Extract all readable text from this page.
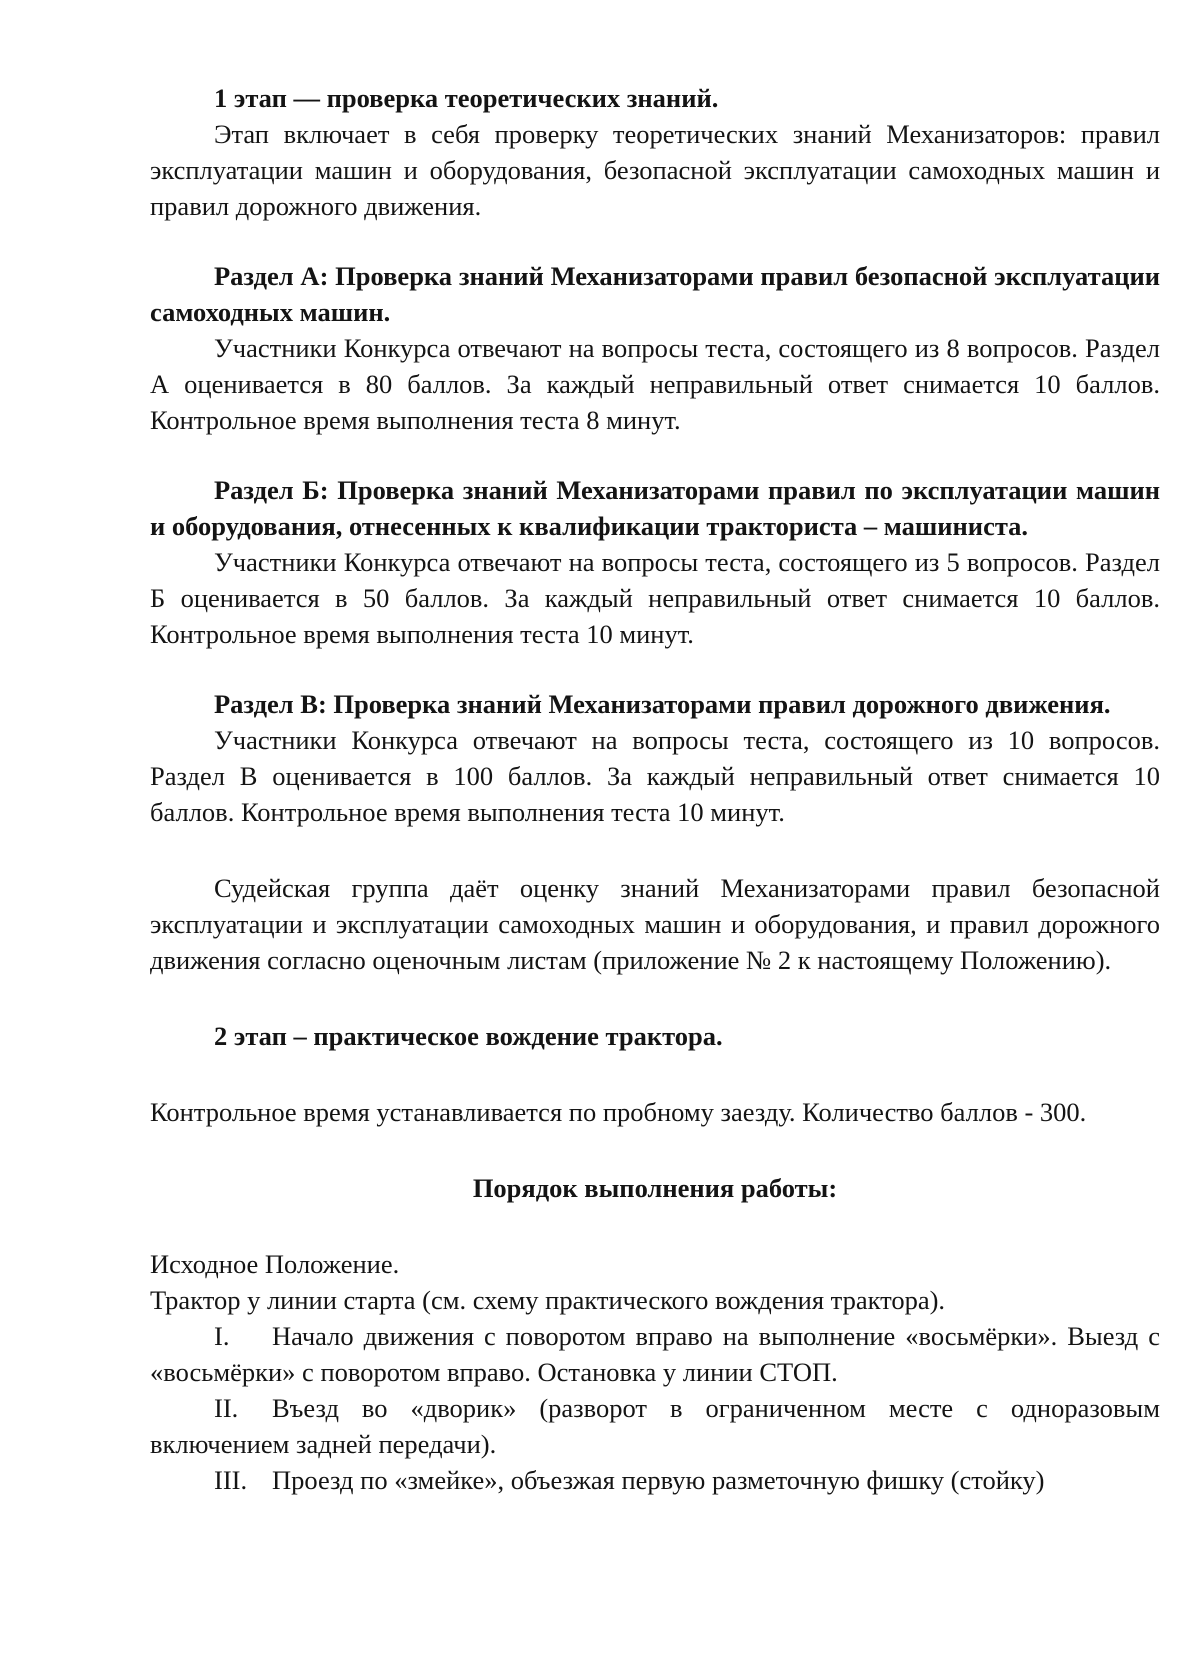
1 этап — проверка теоретических знаний.

Этап включает в себя проверку теоретических знаний Механизаторов: правил эксплуатации машин и оборудования, безопасной эксплуатации самоходных машин и правил дорожного движения.

Раздел А: Проверка знаний Механизаторами правил безопасной эксплуатации самоходных машин.

Участники Конкурса отвечают на вопросы теста, состоящего из 8 вопросов. Раздел А оценивается в 80 баллов. За каждый неправильный ответ снимается 10 баллов. Контрольное время выполнения теста 8 минут.

Раздел Б: Проверка знаний Механизаторами правил по эксплуатации машин и оборудования, отнесенных к квалификации тракториста – машиниста.

Участники Конкурса отвечают на вопросы теста, состоящего из 5 вопросов. Раздел Б оценивается в 50 баллов. За каждый неправильный ответ снимается 10 баллов. Контрольное время выполнения теста 10 минут.

Раздел В: Проверка знаний Механизаторами правил дорожного движения.

Участники Конкурса отвечают на вопросы теста, состоящего из 10 вопросов. Раздел В оценивается в 100 баллов. За каждый неправильный ответ снимается 10 баллов. Контрольное время выполнения теста 10 минут.

Судейская группа даёт оценку знаний Механизаторами правил безопасной эксплуатации и эксплуатации самоходных машин и оборудования, и правил дорожного движения согласно оценочным листам (приложение № 2 к настоящему Положению).

2 этап – практическое вождение трактора.

Контрольное время устанавливается по пробному заезду. Количество баллов - 300.

Порядок выполнения работы:

Исходное Положение.

Трактор у линии старта (см. схему практического вождения трактора).

I. Начало движения с поворотом вправо на выполнение «восьмёрки». Выезд с «восьмёрки» с поворотом вправо. Остановка у линии СТОП.

II. Въезд во «дворик» (разворот в ограниченном месте с одноразовым включением задней передачи).

III. Проезд по «змейке», объезжая первую разметочную фишку (стойку)
